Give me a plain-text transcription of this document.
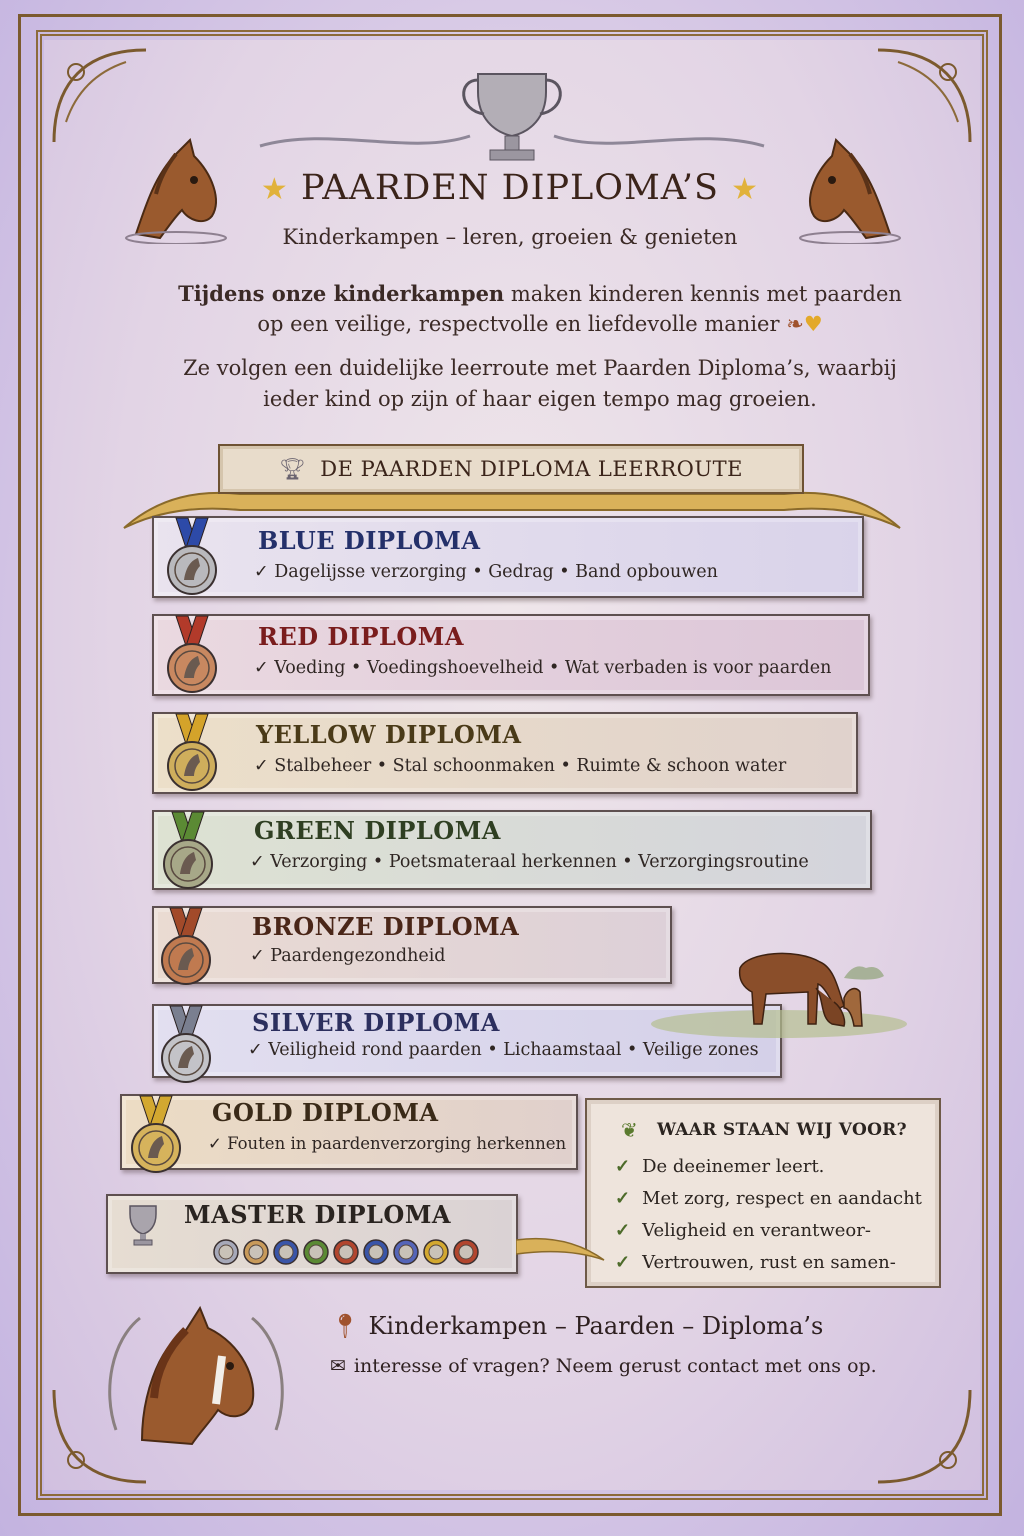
★ PAARDEN DIPLOMA’S ★
Kinderkampen – leren, groeien & genieten
Tijdens onze kinderkampen maken kinderen kennis met paarden
op een veilige, respectvolle en liefdevolle manier ❧♥
Ze volgen een duidelijke leerroute met Paarden Diploma’s, waarbij
ieder kind op zijn of haar eigen tempo mag groeien.
🏆︎ DE PAARDEN DIPLOMA LEERROUTE
BLUE DIPLOMA
✓ Dagelijsse verzorging • Gedrag • Band opbouwen
RED DIPLOMA
✓ Voeding • Voedingshoevelheid • Wat verbaden is voor paarden
YELLOW DIPLOMA
✓ Stalbeheer • Stal schoonmaken • Ruimte & schoon water
GREEN DIPLOMA
✓ Verzorging • Poetsmateraal herkennen • Verzorgingsroutine
BRONZE DIPLOMA
✓ Paardengezondheid
SILVER DIPLOMA
✓ Veiligheid rond paarden • Lichaamstaal • Veilige zones
GOLD DIPLOMA
✓ Fouten in paardenverzorging herkennen
MASTER DIPLOMA
❦ WAAR STAAN WIJ VOOR?
✓ De deeinemer leert.
✓ Met zorg, respect en aandacht
✓ Veligheid en verantweor-
✓ Vertrouwen, rust en samen-
📍︎ Kinderkampen – Paarden – Diploma’s
✉ interesse of vragen? Neem gerust contact met ons op.
